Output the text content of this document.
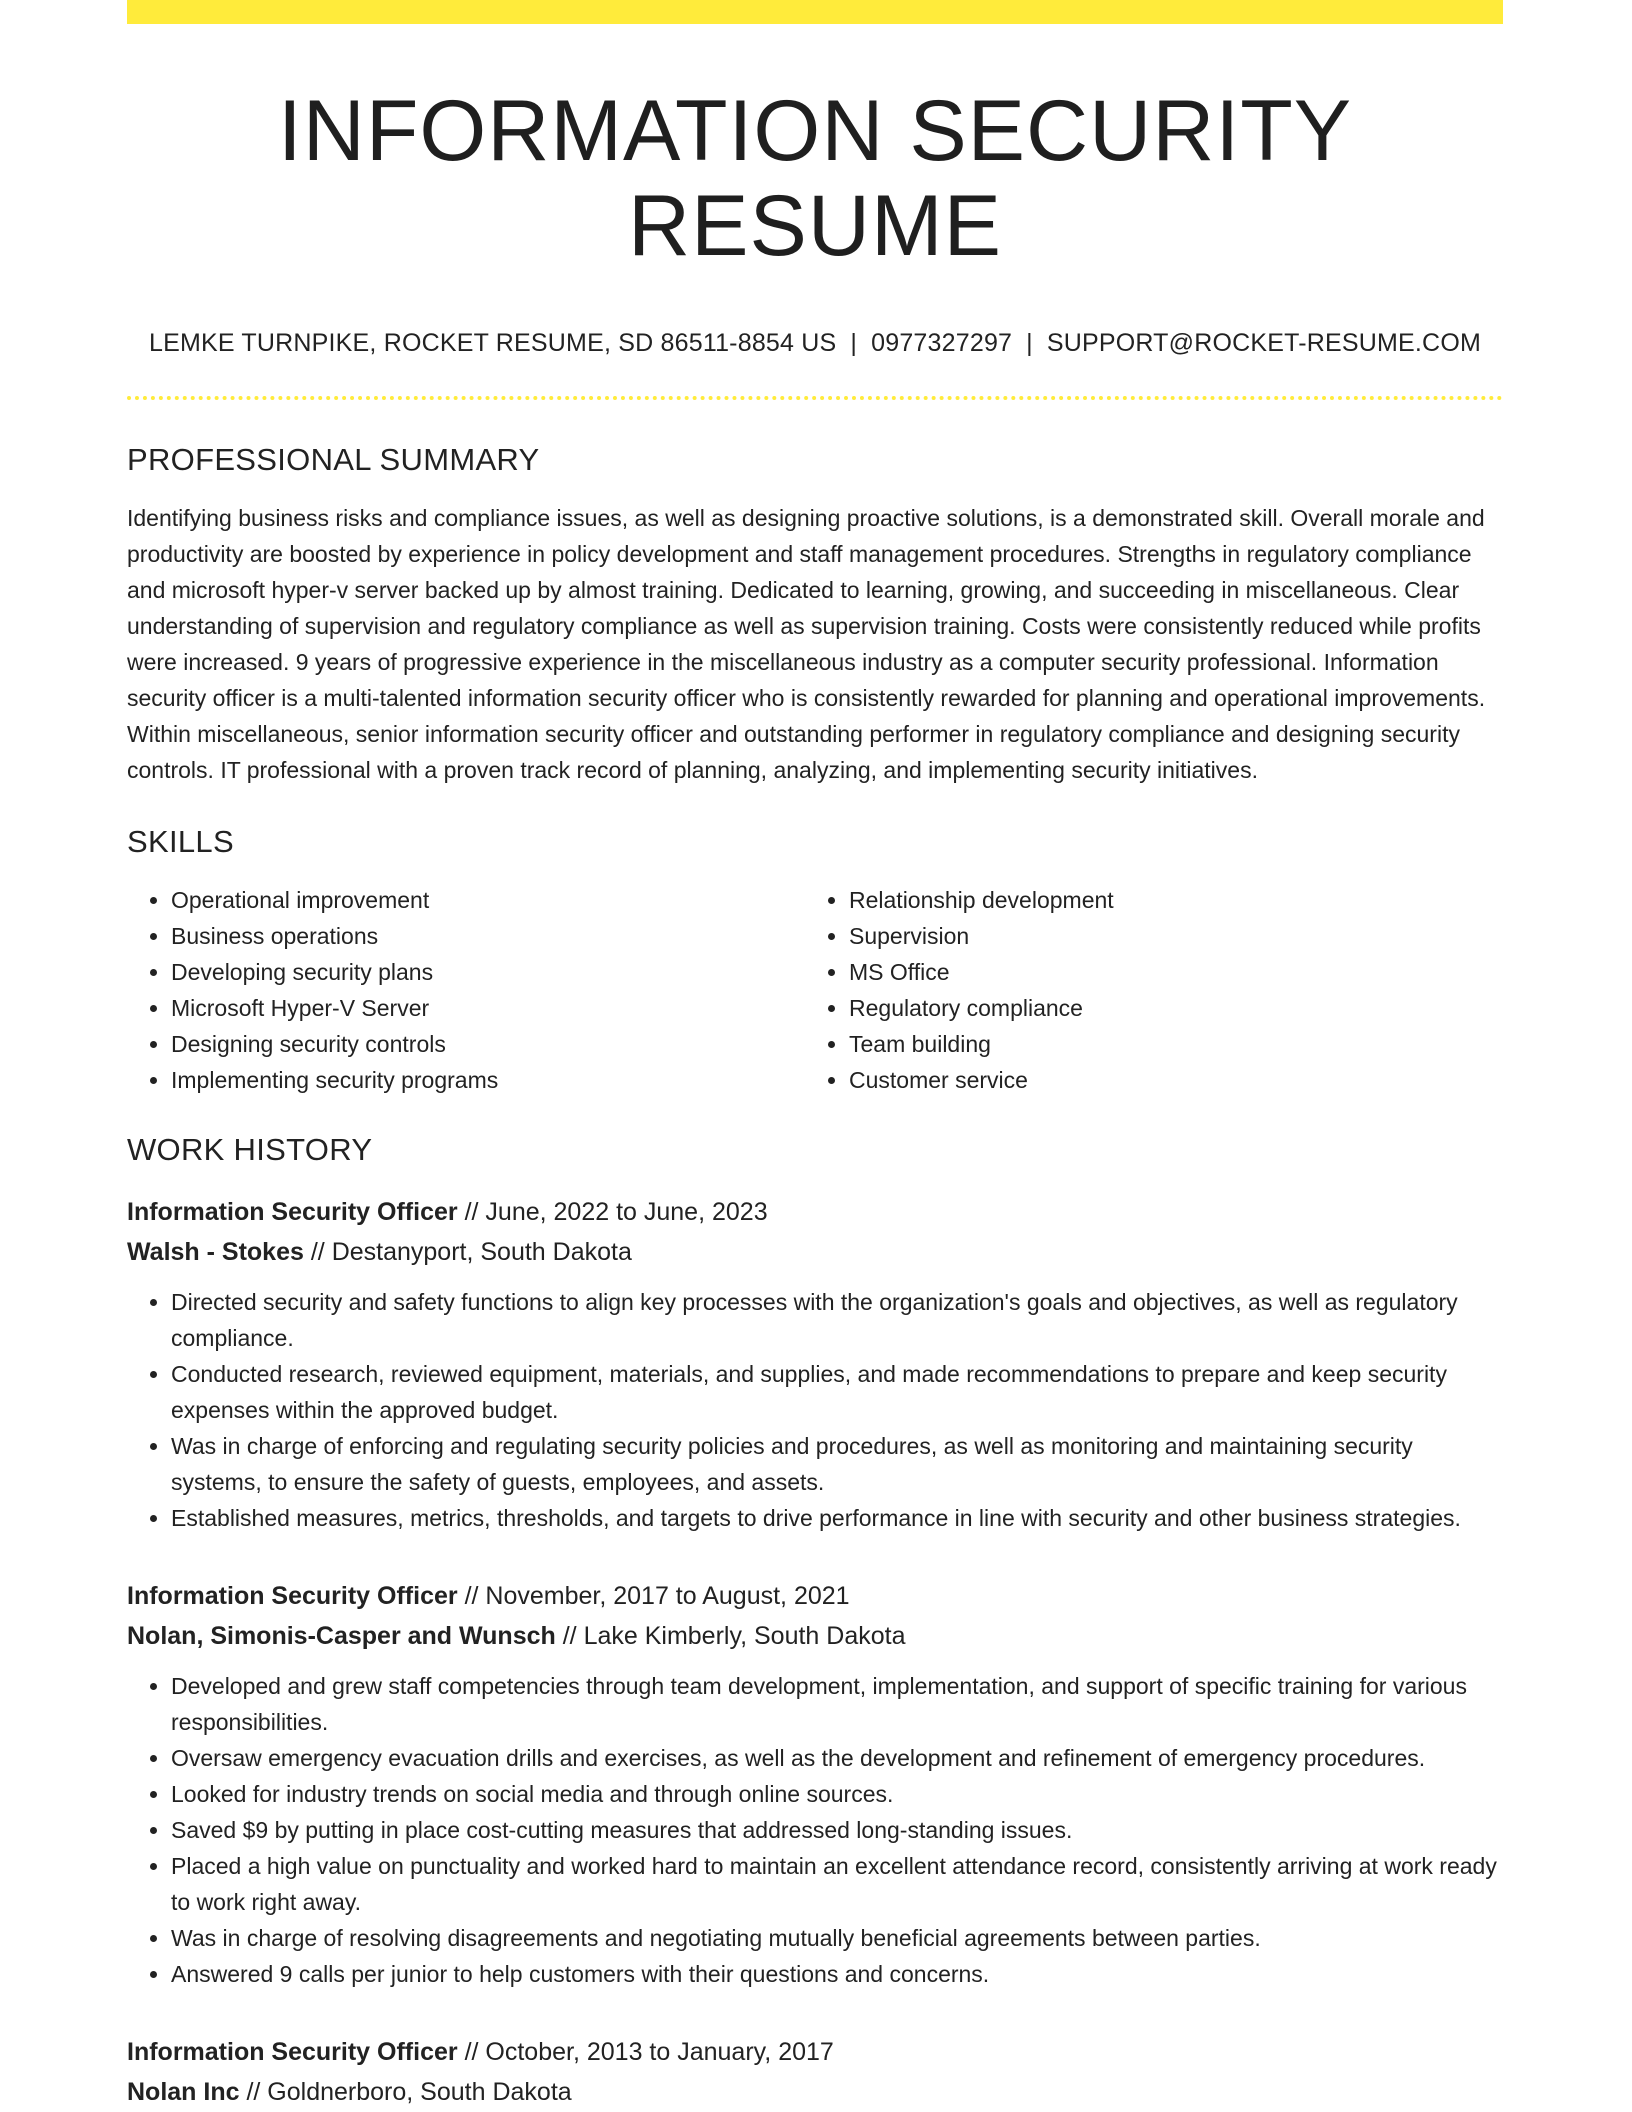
INFORMATION SECURITY RESUME
LEMKE TURNPIKE, ROCKET RESUME, SD 86511-8854 US | 0977327297 | SUPPORT@ROCKET-RESUME.COM
PROFESSIONAL SUMMARY

Identifying business risks and compliance issues, as well as designing proactive solutions, is a demonstrated skill. Overall morale and productivity are boosted by experience in policy development and staff management procedures. Strengths in regulatory compliance and microsoft hyper-v server backed up by almost training. Dedicated to learning, growing, and succeeding in miscellaneous. Clear understanding of supervision and regulatory compliance as well as supervision training. Costs were consistently reduced while profits were increased. 9 years of progressive experience in the miscellaneous industry as a computer security professional. Information security officer is a multi-talented information security officer who is consistently rewarded for planning and operational improvements. Within miscellaneous, senior information security officer and outstanding performer in regulatory compliance and designing security controls. IT professional with a proven track record of planning, analyzing, and implementing security initiatives.

SKILLS
• Operational improvement
• Business operations
• Developing security plans
• Microsoft Hyper-V Server
• Designing security controls
• Implementing security programs
• Relationship development
• Supervision
• MS Office
• Regulatory compliance
• Team building
• Customer service
WORK HISTORY
Information Security Officer // June, 2022 to June, 2023
Walsh - Stokes // Destanyport, South Dakota
• Directed security and safety functions to align key processes with the organization's goals and objectives, as well as regulatory compliance.
• Conducted research, reviewed equipment, materials, and supplies, and made recommendations to prepare and keep security expenses within the approved budget.
• Was in charge of enforcing and regulating security policies and procedures, as well as monitoring and maintaining security systems, to ensure the safety of guests, employees, and assets.
• Established measures, metrics, thresholds, and targets to drive performance in line with security and other business strategies.
Information Security Officer // November, 2017 to August, 2021
Nolan, Simonis-Casper and Wunsch // Lake Kimberly, South Dakota
• Developed and grew staff competencies through team development, implementation, and support of specific training for various responsibilities.
• Oversaw emergency evacuation drills and exercises, as well as the development and refinement of emergency procedures.
• Looked for industry trends on social media and through online sources.
• Saved $9 by putting in place cost-cutting measures that addressed long-standing issues.
• Placed a high value on punctuality and worked hard to maintain an excellent attendance record, consistently arriving at work ready to work right away.
• Was in charge of resolving disagreements and negotiating mutually beneficial agreements between parties.
• Answered 9 calls per junior to help customers with their questions and concerns.
Information Security Officer // October, 2013 to January, 2017
Nolan Inc // Goldnerboro, South Dakota
